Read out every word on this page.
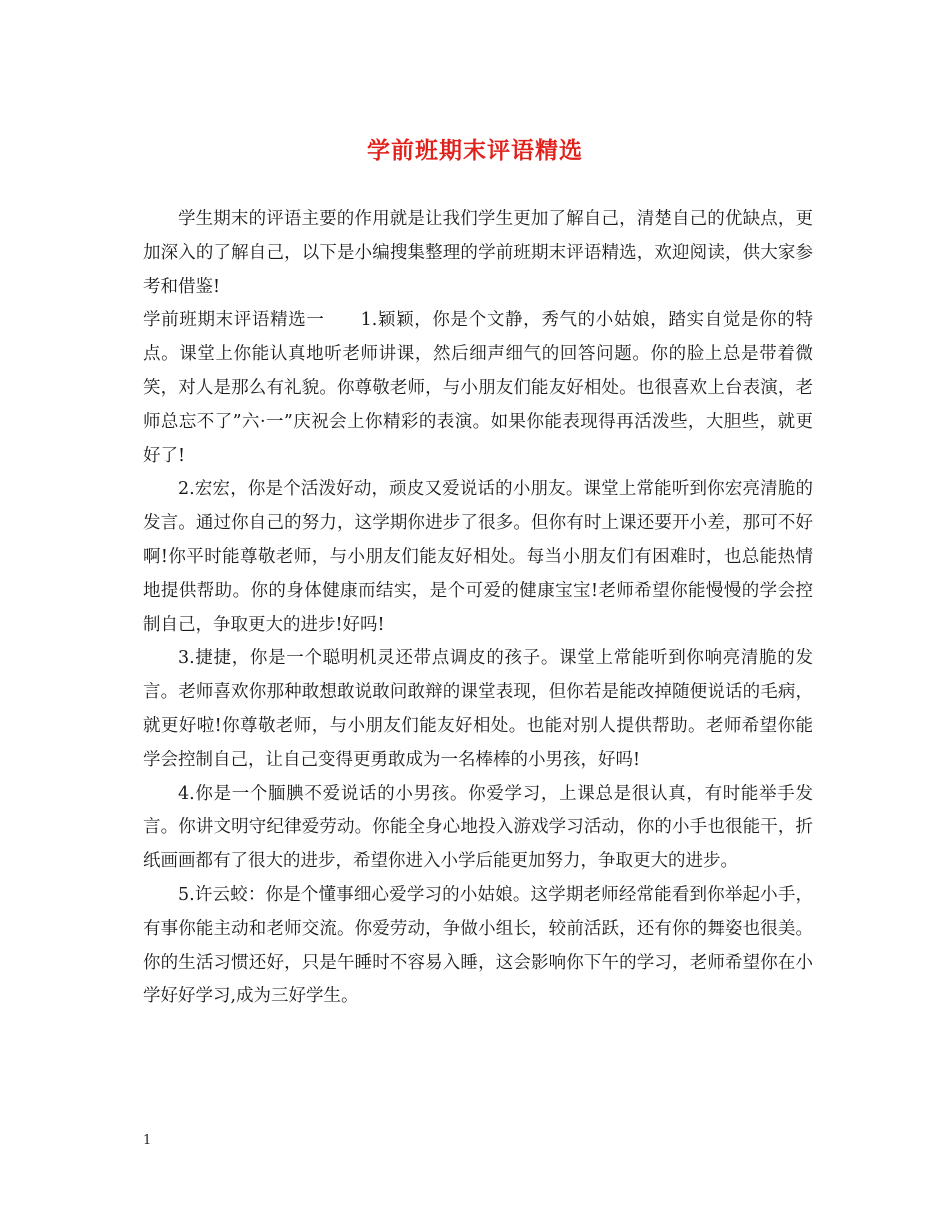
学前班期末评语精选

学生期末的评语主要的作用就是让我们学生更加了解自己，清楚自己的优缺点，更加深入的了解自己，以下是小编搜集整理的学前班期末评语精选，欢迎阅读，供大家参考和借鉴!

学前班期末评语精选一 1.颖颖，你是个文静，秀气的小姑娘，踏实自觉是你的特点。课堂上你能认真地听老师讲课，然后细声细气的回答问题。你的脸上总是带着微笑，对人是那么有礼貌。你尊敬老师，与小朋友们能友好相处。也很喜欢上台表演，老师总忘不了”六·一”庆祝会上你精彩的表演。如果你能表现得再活泼些，大胆些，就更好了!

2.宏宏，你是个活泼好动，顽皮又爱说话的小朋友。课堂上常能听到你宏亮清脆的发言。通过你自己的努力，这学期你进步了很多。但你有时上课还要开小差，那可不好啊!你平时能尊敬老师，与小朋友们能友好相处。每当小朋友们有困难时，也总能热情地提供帮助。你的身体健康而结实，是个可爱的健康宝宝!老师希望你能慢慢的学会控制自己，争取更大的进步!好吗!

3.捷捷，你是一个聪明机灵还带点调皮的孩子。课堂上常能听到你响亮清脆的发言。老师喜欢你那种敢想敢说敢问敢辩的课堂表现，但你若是能改掉随便说话的毛病，就更好啦!你尊敬老师，与小朋友们能友好相处。也能对别人提供帮助。老师希望你能学会控制自己，让自己变得更勇敢成为一名棒棒的小男孩，好吗!

4.你是一个腼腆不爱说话的小男孩。你爱学习，上课总是很认真，有时能举手发言。你讲文明守纪律爱劳动。你能全身心地投入游戏学习活动，你的小手也很能干，折纸画画都有了很大的进步，希望你进入小学后能更加努力，争取更大的进步。

5.许云蛟：你是个懂事细心爱学习的小姑娘。这学期老师经常能看到你举起小手，有事你能主动和老师交流。你爱劳动，争做小组长，较前活跃，还有你的舞姿也很美。你的生活习惯还好，只是午睡时不容易入睡，这会影响你下午的学习，老师希望你在小学好好学习,成为三好学生。

1
